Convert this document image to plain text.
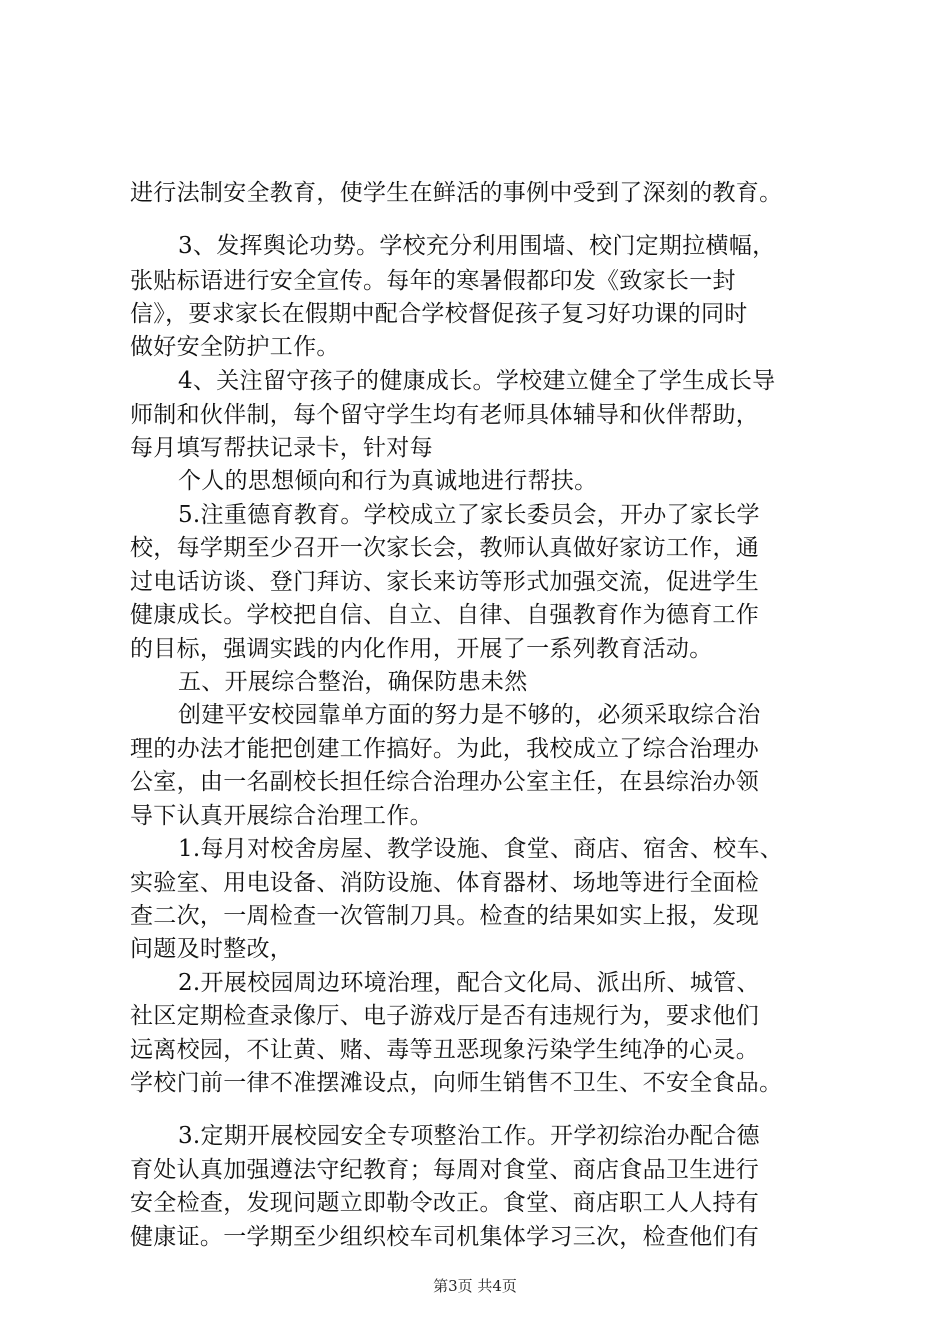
进行法制安全教育，使学生在鲜活的事例中受到了深刻的教育。
3、发挥舆论功势。学校充分利用围墙、校门定期拉横幅，
张贴标语进行安全宣传。每年的寒暑假都印发《致家长一封
信》，要求家长在假期中配合学校督促孩子复习好功课的同时
做好安全防护工作。
4、关注留守孩子的健康成长。学校建立健全了学生成长导
师制和伙伴制，每个留守学生均有老师具体辅导和伙伴帮助，
每月填写帮扶记录卡，针对每
个人的思想倾向和行为真诚地进行帮扶。
5.注重德育教育。学校成立了家长委员会，开办了家长学
校，每学期至少召开一次家长会，教师认真做好家访工作，通
过电话访谈、登门拜访、家长来访等形式加强交流，促进学生
健康成长。学校把自信、自立、自律、自强教育作为德育工作
的目标，强调实践的内化作用，开展了一系列教育活动。
五、开展综合整治，确保防患未然
创建平安校园靠单方面的努力是不够的，必须采取综合治
理的办法才能把创建工作搞好。为此，我校成立了综合治理办
公室，由一名副校长担任综合治理办公室主任，在县综治办领
导下认真开展综合治理工作。
1.每月对校舍房屋、教学设施、食堂、商店、宿舍、校车、
实验室、用电设备、消防设施、体育器材、场地等进行全面检
查二次，一周检查一次管制刀具。检查的结果如实上报，发现
问题及时整改，
2.开展校园周边环境治理，配合文化局、派出所、城管、
社区定期检查录像厅、电子游戏厅是否有违规行为，要求他们
远离校园，不让黄、赌、毒等丑恶现象污染学生纯净的心灵。
学校门前一律不准摆滩设点，向师生销售不卫生、不安全食品。
3.定期开展校园安全专项整治工作。开学初综治办配合德
育处认真加强遵法守纪教育；每周对食堂、商店食品卫生进行
安全检查，发现问题立即勒令改正。食堂、商店职工人人持有
健康证。一学期至少组织校车司机集体学习三次，检查他们有
第3页 共4页
